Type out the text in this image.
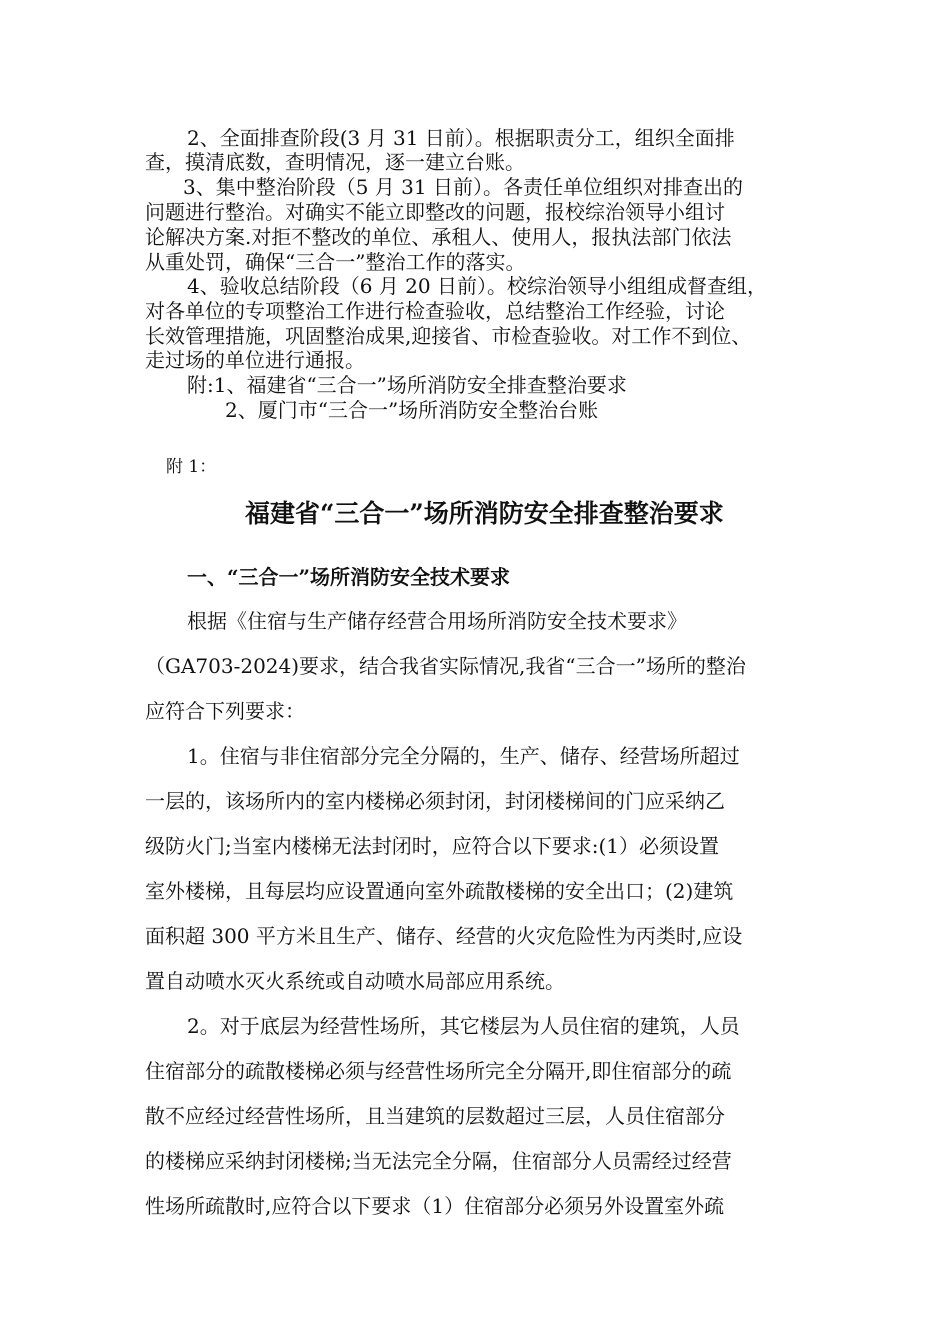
2、全面排查阶段(3 月 31 日前）。根据职责分工，组织全面排
查，摸清底数，查明情况，逐一建立台账。
3、集中整治阶段（5 月 31 日前）。各责任单位组织对排查出的
问题进行整治。对确实不能立即整改的问题，报校综治领导小组讨
论解决方案.对拒不整改的单位、承租人、使用人，报执法部门依法
从重处罚，确保“三合一”整治工作的落实。
4、验收总结阶段（6 月 20 日前）。校综治领导小组组成督查组，
对各单位的专项整治工作进行检查验收，总结整治工作经验，讨论
长效管理措施，巩固整治成果,迎接省、市检查验收。对工作不到位、
走过场的单位进行通报。
附:1、福建省“三合一”场所消防安全排查整治要求
2、厦门市“三合一”场所消防安全整治台账
附 1：
福建省“三合一”场所消防安全排查整治要求
一、“三合一”场所消防安全技术要求
根据《住宿与生产储存经营合用场所消防安全技术要求》
（GA703-2024)要求，结合我省实际情况,我省“三合一”场所的整治
应符合下列要求：
1。住宿与非住宿部分完全分隔的，生产、储存、经营场所超过
一层的，该场所内的室内楼梯必须封闭，封闭楼梯间的门应采纳乙
级防火门;当室内楼梯无法封闭时，应符合以下要求:(1）必须设置
室外楼梯，且每层均应设置通向室外疏散楼梯的安全出口；(2)建筑
面积超 300 平方米且生产、储存、经营的火灾危险性为丙类时,应设
置自动喷水灭火系统或自动喷水局部应用系统。
2。对于底层为经营性场所，其它楼层为人员住宿的建筑，人员
住宿部分的疏散楼梯必须与经营性场所完全分隔开,即住宿部分的疏
散不应经过经营性场所，且当建筑的层数超过三层，人员住宿部分
的楼梯应采纳封闭楼梯;当无法完全分隔，住宿部分人员需经过经营
性场所疏散时,应符合以下要求（1）住宿部分必须另外设置室外疏
